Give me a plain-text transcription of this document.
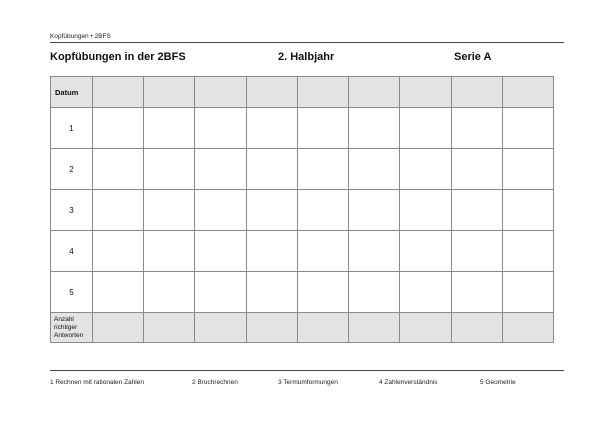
Kopfübungen • 2BFS
Kopfübungen in der 2BFS	2. Halbjahr	Serie A
Datum									
1									
2									
3									
4									
5									

Anzahl
richtiger
Antworten									

1 Rechnen mit rationalen Zahlen	2 Bruchrechnen	3 Termumformungen	4 Zahlenverständnis	5 Geometrie
